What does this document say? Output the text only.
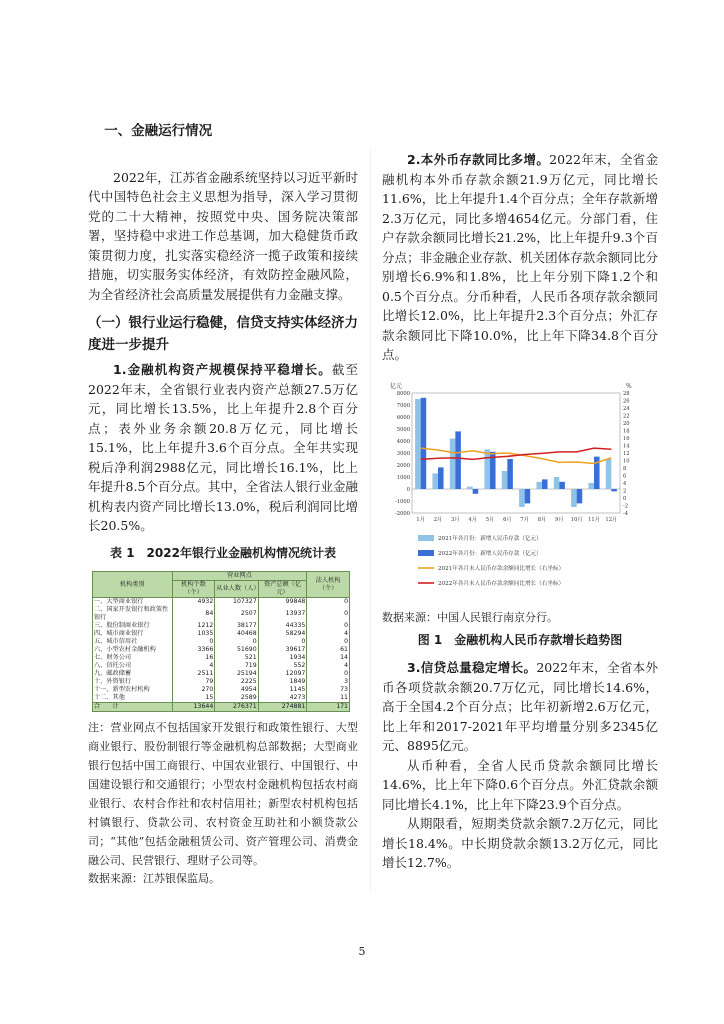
一、金融运行情况

2022年，江苏省金融系统坚持以习近平新时代中国特色社会主义思想为指导，深入学习贯彻党的二十大精神，按照党中央、国务院决策部署，坚持稳中求进工作总基调，加大稳健货币政策贯彻力度，扎实落实稳经济一揽子政策和接续措施，切实服务实体经济，有效防控金融风险，为全省经济社会高质量发展提供有力金融支撑。

（一）银行业运行稳健，信贷支持实体经济力度进一步提升

1.金融机构资产规模保持平稳增长。截至2022年末，全省银行业表内资产总额27.5万亿元，同比增长13.5%，比上年提升2.8个百分点；表外业务余额20.8万亿元，同比增长15.1%，比上年提升3.6个百分点。全年共实现税后净利润2988亿元，同比增长16.1%，比上年提升8.5个百分点。其中，全省法人银行业金融机构表内资产同比增长13.0%，税后利润同比增长20.5%。

表 1　2022年银行业金融机构情况统计表
机构类别	营业网点			法人机构（个）
	机构个数（个）	从业人数（人）	资产总额（亿元）	
一、大型商业银行	4932	107327	99848	0
二、国家开发银行和政策性银行	84	2507	13937	0
三、股份制商业银行	1212	38177	44335	0
四、城市商业银行	1035	40468	58294	4
五、城市信用社	0	0	0	0
六、小型农村金融机构	3366	51690	39617	61
七、财务公司	16	521	1934	14
八、信托公司	4	719	552	4
九、邮政储蓄	2511	25194	12097	0
十、外资银行	79	2225	1849	3
十一、新型农村机构	270	4954	1145	73
十二、其他	15	2589	4273	11
合　　计	13644	276371	274881	171

注：营业网点不包括国家开发银行和政策性银行、大型商业银行、股份制银行等金融机构总部数据；大型商业银行包括中国工商银行、中国农业银行、中国银行、中国建设银行和交通银行；小型农村金融机构包括农村商业银行、农村合作社和农村信用社；新型农村机构包括村镇银行、贷款公司、农村资金互助社和小额贷款公司；“其他”包括金融租赁公司、资产管理公司、消费金融公司、民营银行、理财子公司等。

数据来源：江苏银保监局。

2.本外币存款同比多增。2022年末，全省金融机构本外币存款余额21.9万亿元，同比增长11.6%，比上年提升1.4个百分点；全年存款新增2.3万亿元，同比多增4654亿元。分部门看，住户存款余额同比增长21.2%，比上年提升9.3个百分点；非金融企业存款、机关团体存款余额同比分别增长6.9%和1.8%，比上年分别下降1.2个和0.5个百分点。分币种看，人民币各项存款余额同比增长12.0%，比上年提升2.3个百分点；外汇存款余额同比下降10.0%，比上年下降34.8个百分点。

亿元	%
8000
7000
6000
5000
4000
3000
2000
1000
0
-1000
-2000
28
26
24
22
20
18
16
14
12
10
8
6
4
2
0
-2
-4
1月 2月 3月 4月 5月 6月 7月 8月 9月 10月 11月 12月
2021年各月份：新增人民币存款（亿元）
2022年各月份：新增人民币存款（亿元）
2021年各月末人民币存款余额同比增长（右坐标）
2022年各月末人民币存款余额同比增长（右坐标）

数据来源：中国人民银行南京分行。

图 1　金融机构人民币存款增长趋势图

3.信贷总量稳定增长。2022年末，全省本外币各项贷款余额20.7万亿元，同比增长14.6%，高于全国4.2个百分点；比年初新增2.6万亿元，比上年和2017-2021年平均增量分别多2345亿元、8895亿元。

从币种看，全省人民币贷款余额同比增长14.6%，比上年下降0.6个百分点。外汇贷款余额同比增长4.1%，比上年下降23.9个百分点。

从期限看，短期类贷款余额7.2万亿元，同比增长18.4%。中长期贷款余额13.2万亿元，同比增长12.7%。

5
